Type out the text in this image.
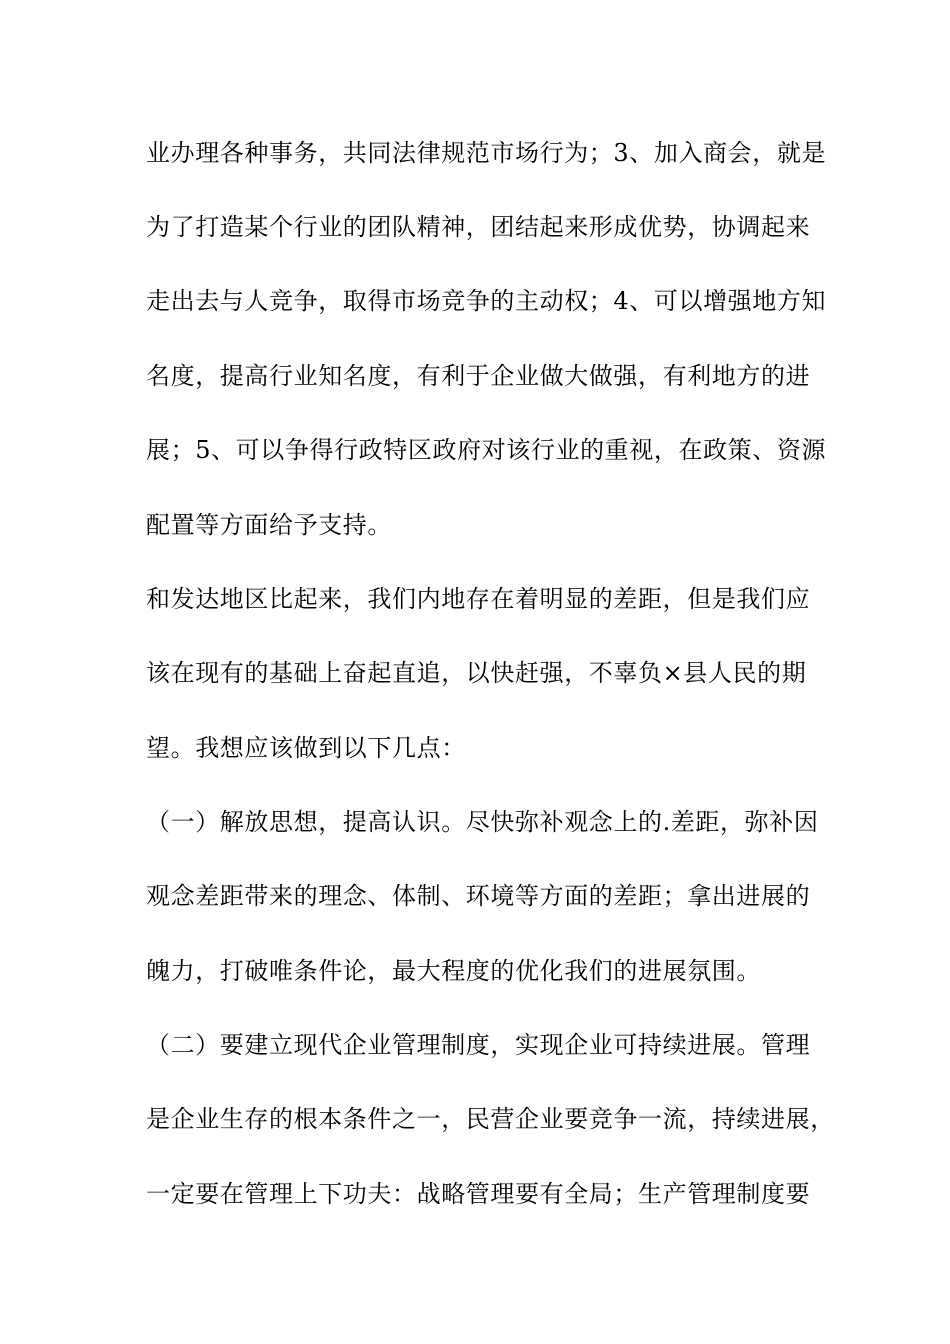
业办理各种事务，共同法律规范市场行为；3、加入商会，就是
为了打造某个行业的团队精神，团结起来形成优势，协调起来
走出去与人竞争，取得市场竞争的主动权；4、可以增强地方知
名度，提高行业知名度，有利于企业做大做强，有利地方的进
展；5、可以争得行政特区政府对该行业的重视，在政策、资源
配置等方面给予支持。
和发达地区比起来，我们内地存在着明显的差距，但是我们应
该在现有的基础上奋起直追，以快赶强，不辜负×县人民的期
望。我想应该做到以下几点：
（一）解放思想，提高认识。尽快弥补观念上的.差距，弥补因
观念差距带来的理念、体制、环境等方面的差距；拿出进展的
魄力，打破唯条件论，最大程度的优化我们的进展氛围。
（二）要建立现代企业管理制度，实现企业可持续进展。管理
是企业生存的根本条件之一，民营企业要竞争一流，持续进展，
一定要在管理上下功夫：战略管理要有全局；生产管理制度要
